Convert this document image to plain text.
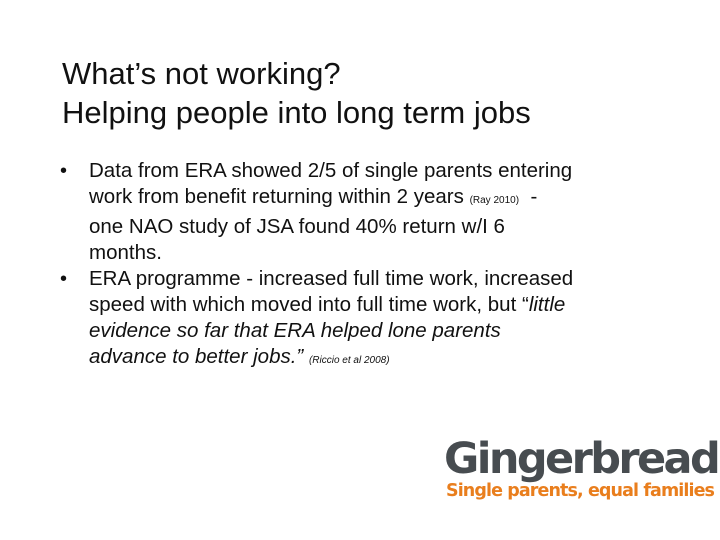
What’s not working?
Helping people into long term jobs
• Data from ERA showed 2/5 of single parents entering
work from benefit returning within 2 years (Ray 2010) -
one NAO study of JSA found 40% return w/I 6
months.
• ERA programme - increased full time work, increased
speed with which moved into full time work, but “little
evidence so far that ERA helped lone parents
advance to better jobs.” (Riccio et al 2008)
Gingerbread
Single parents, equal families
